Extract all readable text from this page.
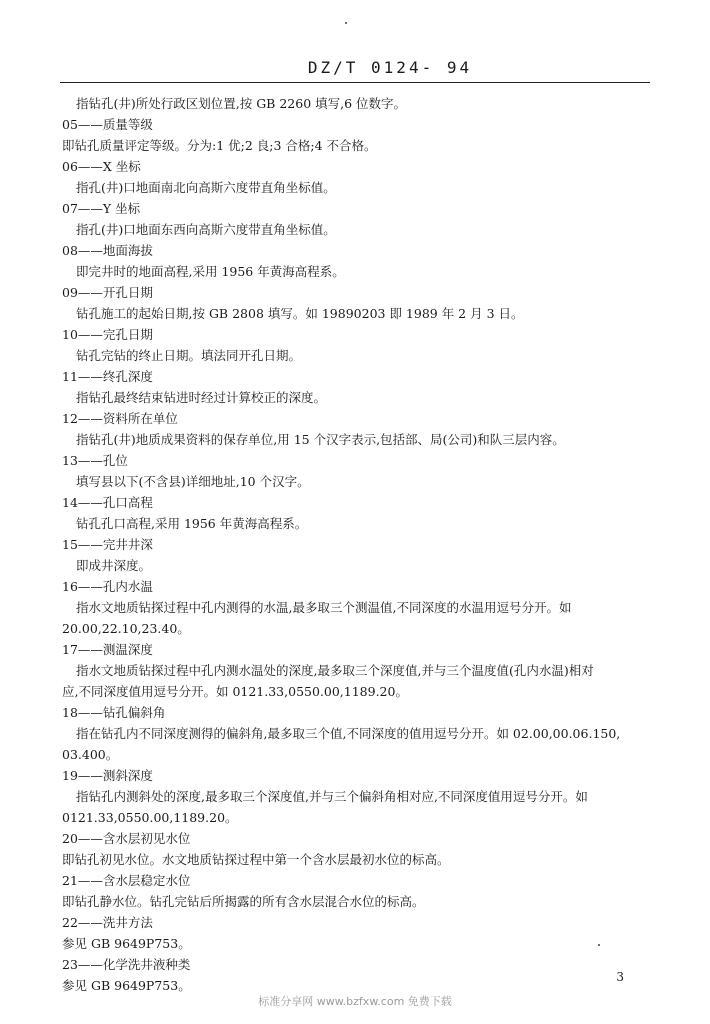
DZ/T 0124- 94
指钻孔(井)所处行政区划位置,按 GB 2260 填写,6 位数字。
05——质量等级
即钻孔质量评定等级。分为:1 优;2 良;3 合格;4 不合格。
06——X 坐标
指孔(井)口地面南北向高斯六度带直角坐标值。
07——Y 坐标
指孔(井)口地面东西向高斯六度带直角坐标值。
08——地面海拔
即完井时的地面高程,采用 1956 年黄海高程系。
09——开孔日期
钻孔施工的起始日期,按 GB 2808 填写。如 19890203 即 1989 年 2 月 3 日。
10——完孔日期
钻孔完钻的终止日期。填法同开孔日期。
11——终孔深度
指钻孔最终结束钻进时经过计算校正的深度。
12——资料所在单位
指钻孔(井)地质成果资料的保存单位,用 15 个汉字表示,包括部、局(公司)和队三层内容。
13——孔位
填写县以下(不含县)详细地址,10 个汉字。
14——孔口高程
钻孔孔口高程,采用 1956 年黄海高程系。
15——完井井深
即成井深度。
16——孔内水温
指水文地质钻探过程中孔内测得的水温,最多取三个测温值,不同深度的水温用逗号分开。如
20.00,22.10,23.40。
17——测温深度
指水文地质钻探过程中孔内测水温处的深度,最多取三个深度值,并与三个温度值(孔内水温)相对
应,不同深度值用逗号分开。如 0121.33,0550.00,1189.20。
18——钻孔偏斜角
指在钻孔内不同深度测得的偏斜角,最多取三个值,不同深度的值用逗号分开。如 02.00,00.06.150,
03.400。
19——测斜深度
指钻孔内测斜处的深度,最多取三个深度值,并与三个偏斜角相对应,不同深度值用逗号分开。如
0121.33,0550.00,1189.20。
20——含水层初见水位
即钻孔初见水位。水文地质钻探过程中第一个含水层最初水位的标高。
21——含水层稳定水位
即钻孔静水位。钻孔完钻后所揭露的所有含水层混合水位的标高。
22——洗井方法
参见 GB 9649P753。
23——化学洗井液种类
参见 GB 9649P753。
3
标准分享网 www.bzfxw.com 免费下载
